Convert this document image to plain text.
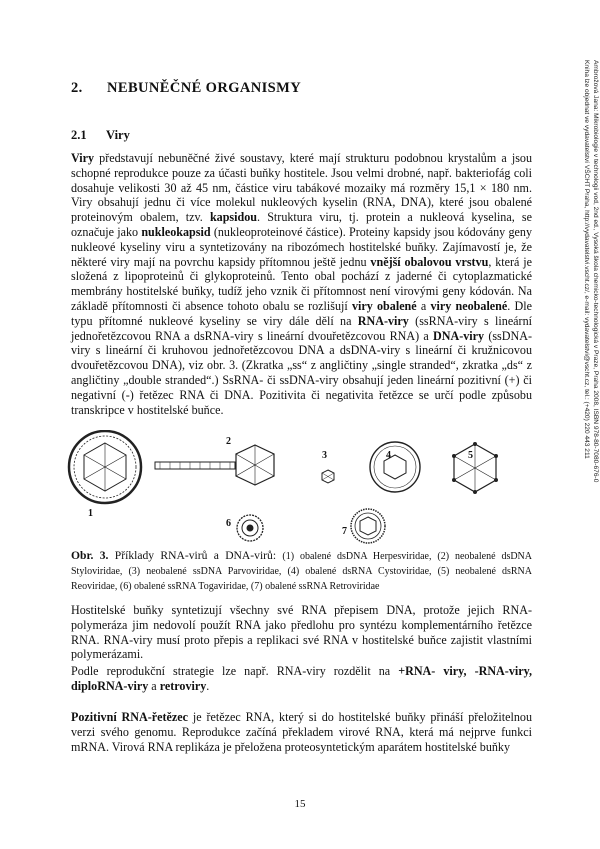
Ambrožová Jana: Mikrobiologie v technologii vod, 2nd ed., Vysoká škola chemicko-technologická v Praze, Praha 2008, ISBN 978-80-7080-676-0
Kniha lze objednat ve vydavatelství VŠCHT Praha, http://vydavatelstvi.vscht.cz/, e-mail: vydavatelstvi@vscht.cz, tel.: (+420) 220 443 211
2. NEBUNĚČNÉ ORGANISMY
2.1 Viry
Viry představují nebuněčné živé soustavy, které mají strukturu podobnou krystalům a jsou schopné reprodukce pouze za účasti buňky hostitele. Jsou velmi drobné, např. bakteriofág coli dosahuje velikosti 30 až 45 nm, částice viru tabákové mozaiky má rozměry 15,1 × 180 nm. Viry obsahují jednu či více molekul nukleových kyselin (RNA, DNA), které jsou obalené proteinovým obalem, tzv. kapsidou. Struktura viru, tj. protein a nukleová kyselina, se označuje jako nukleokapsid (nukleoproteinové částice). Proteiny kapsidy jsou kódovány geny nukleové kyseliny viru a syntetizovány na ribozómech hostitelské buňky. Zajímavostí je, že některé viry mají na povrchu kapsidy přítomnou ještě jednu vnější obalovou vrstvu, která je složená z lipoproteinů či glykoproteinů. Tento obal pochází z jaderné či cytoplazmatické membrány hostitelské buňky, tudíž jeho vznik či přítomnost není virovými geny kódován. Na základě přítomnosti či absence tohoto obalu se rozlišují viry obalené a viry neobalené. Dle typu přítomné nukleové kyseliny se viry dále dělí na RNA-viry (ssRNA-viry s lineární jednořetězcovou RNA a dsRNA-viry s lineární dvouřetězcovou RNA) a DNA-viry (ssDNA-viry s lineární či kruhovou jednořetězcovou DNA a dsDNA-viry s lineární či kružnicovou dvouřetězcovou DNA), viz obr. 3. (Zkratka „ss“ z angličtiny „single stranded“, zkratka „ds“ z angličtiny „double stranded“.) SsRNA- či ssDNA-viry obsahují jeden lineární pozitivní (+) či negativní (-) řetězec RNA či DNA. Pozitivita či negativita řetězce se určí podle způsobu transkripce v hostitelské buňce.
1
2
3	4	5
6
7
Obr. 3. Příklady RNA-virů a DNA-virů: (1) obalené dsDNA Herpesviridae, (2) neobalené dsDNA Styloviridae, (3) neobalené ssDNA Parvoviridae, (4) obalené dsRNA Cystoviridae, (5) neobalené dsRNA Reoviridae, (6) obalené ssRNA Togaviridae, (7) obalené ssRNA Retroviridae
Hostitelské buňky syntetizují všechny své RNA přepisem DNA, protože jejich RNA-polymeráza jim nedovolí použít RNA jako předlohu pro syntézu komplementárního řetězce RNA. RNA-viry musí proto přepis a replikaci své RNA v hostitelské buňce zajistit vlastními polymerázami.
Podle reprodukční strategie lze např. RNA-viry rozdělit na +RNA- viry, -RNA-viry, diploRNA-viry a retroviry.
Pozitivní RNA-řetězec je řetězec RNA, který si do hostitelské buňky přináší přeložitelnou verzi svého genomu. Reprodukce začíná překladem virové RNA, která má nejprve funkci mRNA. Virová RNA replikáza je přeložena proteosyntetickým aparátem hostitelské buňky
15
